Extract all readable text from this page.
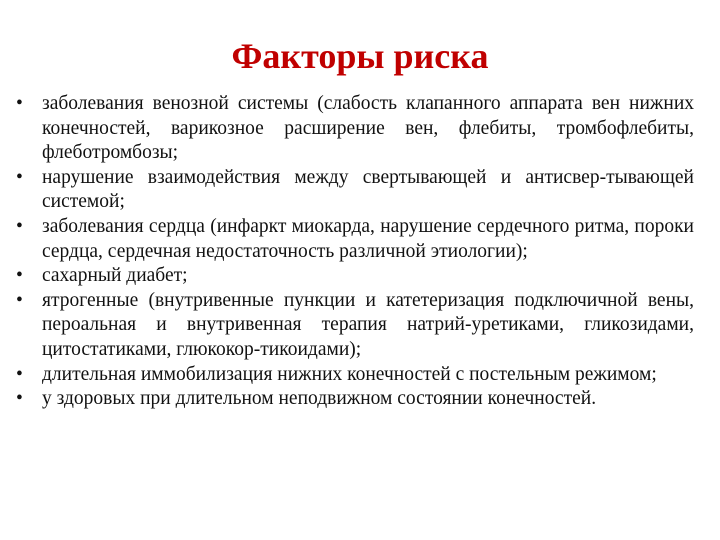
Факторы риска
• заболевания венозной системы (слабость клапанного аппарата вен нижних конечностей, варикозное расширение вен, флебиты, тромбофлебиты, флеботромбозы;
• нарушение взаимодействия между свертывающей и антисвер-тывающей системой;
• заболевания сердца (инфаркт миокарда, нарушение сердечного ритма, пороки сердца, сердечная недостаточность различной этиологии);
• сахарный диабет;
• ятрогенные (внутривенные пункции и катетеризация подключичной вены, пероальная и внутривенная терапия натрий-уретиками, гликозидами, цитостатиками, глюкокор-тикоидами);
• длительная иммобилизация нижних конечностей с постельным режимом;
• у здоровых при длительном неподвижном состоянии конечностей.
